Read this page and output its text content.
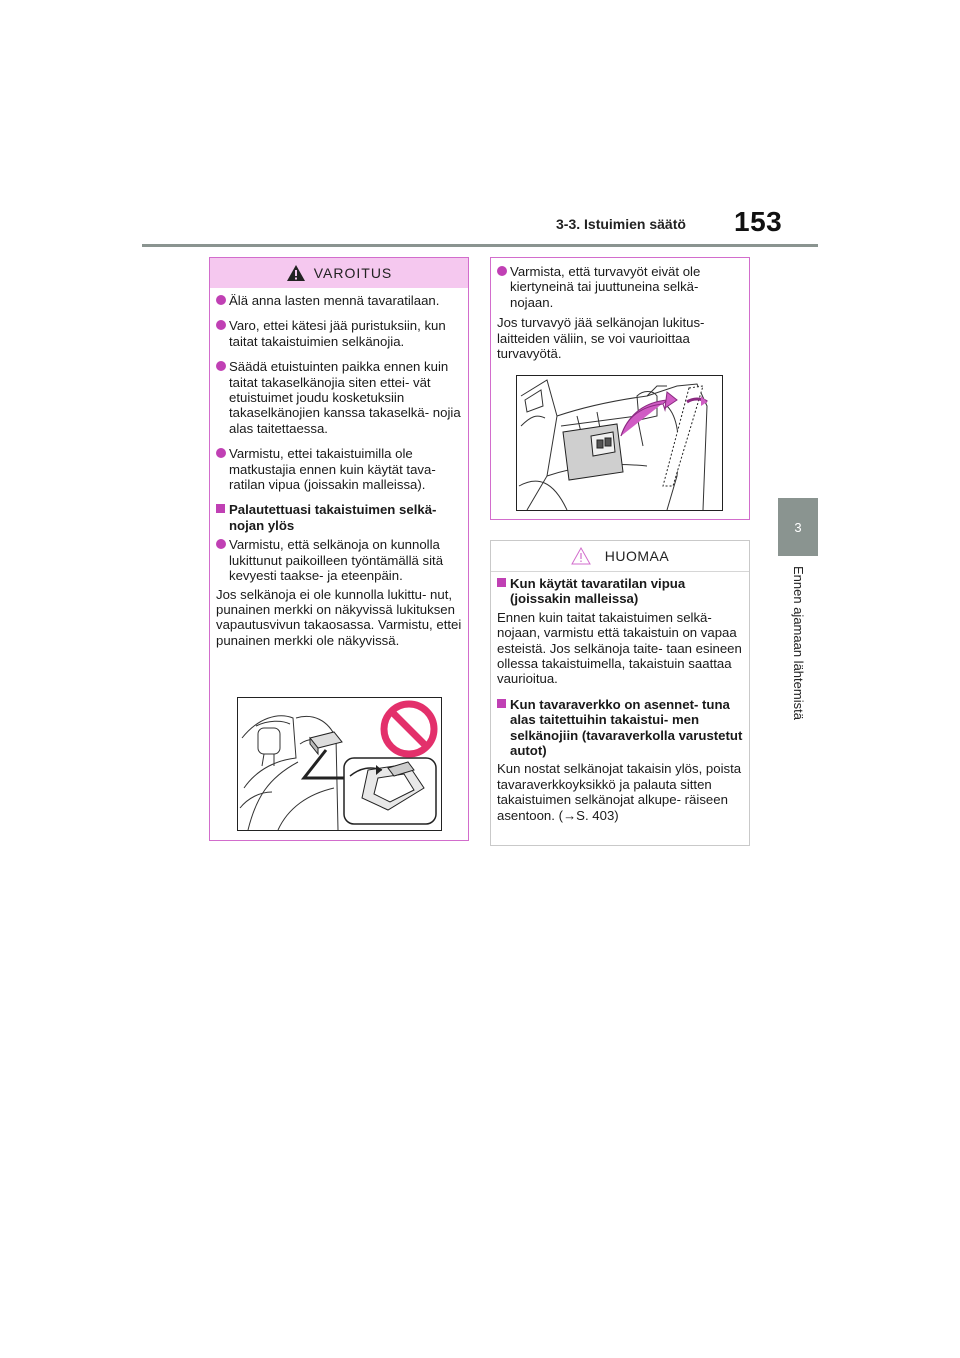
3-3. Istuimien säätö 153
3
Ennen ajamaan lähtemistä
VAROITUS
Älä anna lasten mennä tavaratilaan.
Varo, ettei kätesi jää puristuksiin, kun taitat takaistuimien selkänojia.
Säädä etuistuinten paikka ennen kuin taitat takaselkänojia siten ettei- vät etuistuimet joudu kosketuksiin takaselkänojien kanssa takaselkä- nojia alas taitettaessa.
Varmistu, ettei takaistuimilla ole matkustajia ennen kuin käytät tava- ratilan vipua (joissakin malleissa).
Palautettuasi takaistuimen selkä- nojan ylös
Varmistu, että selkänoja on kunnolla lukittunut paikoilleen työntämällä sitä kevyesti taakse- ja eteenpäin.
Jos selkänoja ei ole kunnolla lukittu- nut, punainen merkki on näkyvissä lukituksen vapautusvivun takaosassa. Varmistu, ettei punainen merkki ole näkyvissä.
Varmista, että turvavyöt eivät ole kiertyneinä tai juuttuneina selkä- nojaan.
Jos turvavyö jää selkänojan lukitus- laitteiden väliin, se voi vaurioittaa turvavyötä.
HUOMAA
Kun käytät tavaratilan vipua (joissakin malleissa)
Ennen kuin taitat takaistuimen selkä- nojaan, varmistu että takaistuin on vapaa esteistä. Jos selkänoja taite- taan esineen ollessa takaistuimella, takaistuin saattaa vaurioitua.
Kun tavaraverkko on asennet- tuna alas taitettuihin takaistui- men selkänojiin (tavaraverkolla varustetut autot)
Kun nostat selkänojat takaisin ylös, poista tavaraverkkoyksikkö ja palauta sitten takaistuimen selkänojat alkupe- räiseen asentoon. (→S. 403)
